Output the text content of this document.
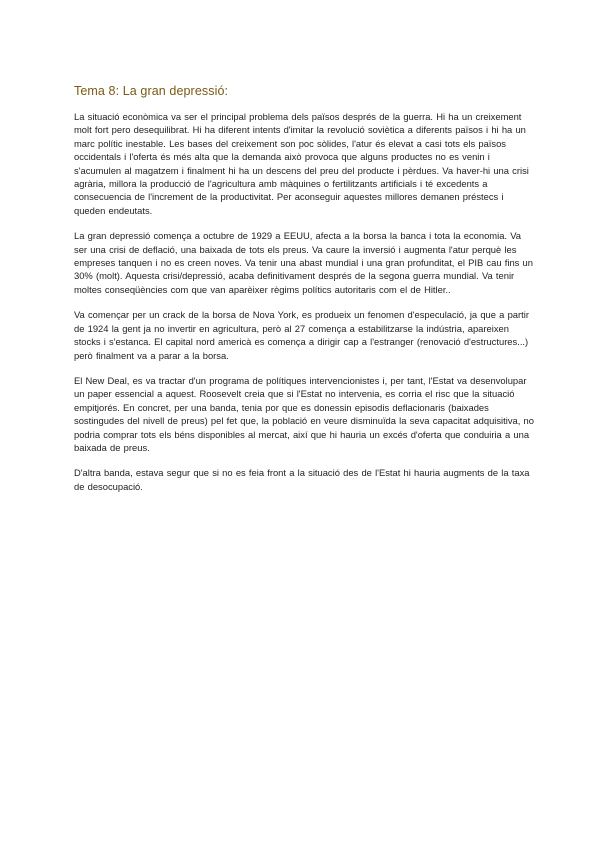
Tema 8: La gran depressió:

La situació econòmica va ser el principal problema dels països després de la guerra. Hi ha un creixement molt fort pero desequilibrat. Hi ha diferent intents d'imitar la revolució soviètica a diferents països i hi ha un marc polític inestable. Les bases del creixement son poc sòlides, l'atur és elevat a casi tots els països occidentals i l'oferta és més alta que la demanda això provoca que alguns productes no es venin i s'acumulen al magatzem i finalment hi ha un descens del preu del producte i pèrdues. Va haver-hi una crisi agrària, millora la producció de l'agricultura amb màquines o fertilitzants artificials i té excedents a consecuencia de l'increment de la productivitat. Per aconseguir aquestes millores demanen préstecs i queden endeutats.

La gran depressió comença a octubre de 1929 a EEUU, afecta a la borsa la banca i tota la economia. Va ser una crisi de deflació, una baixada de tots els preus. Va caure la inversió i augmenta l'atur perquè les empreses tanquen i no es creen noves. Va tenir una abast mundial i una gran profunditat, el PIB cau fins un 30% (molt). Aquesta crisi/depressió, acaba definitivament després de la segona guerra mundial. Va tenir moltes conseqüències com que van aparèixer règims polítics autoritaris com el de Hitler..

Va començar per un crack de la borsa de Nova York, es produeix un fenomen d'especulació, ja que a partir de 1924 la gent ja no invertir en agricultura, però al 27 comença a estabilitzarse la indústria, apareixen stocks i s'estanca. El capital nord americà es comença a dirigir cap a l'estranger (renovació d'estructures...) però finalment va a parar a la borsa.

El New Deal, es va tractar d'un programa de polítiques intervencionistes i, per tant, l'Estat va desenvolupar un paper essencial a aquest. Roosevelt creia que si l'Estat no intervenia, es corria el risc que la situació empitjorés. En concret, per una banda, tenia por que es donessin episodis deflacionaris (baixades sostingudes del nivell de preus) pel fet que, la població en veure disminuïda la seva capacitat adquisitiva, no podria comprar tots els béns disponibles al mercat, així que hi hauria un excés d'oferta que conduiria a una baixada de preus.

D'altra banda, estava segur que si no es feia front a la situació des de l'Estat hi hauria augments de la taxa de desocupació.
